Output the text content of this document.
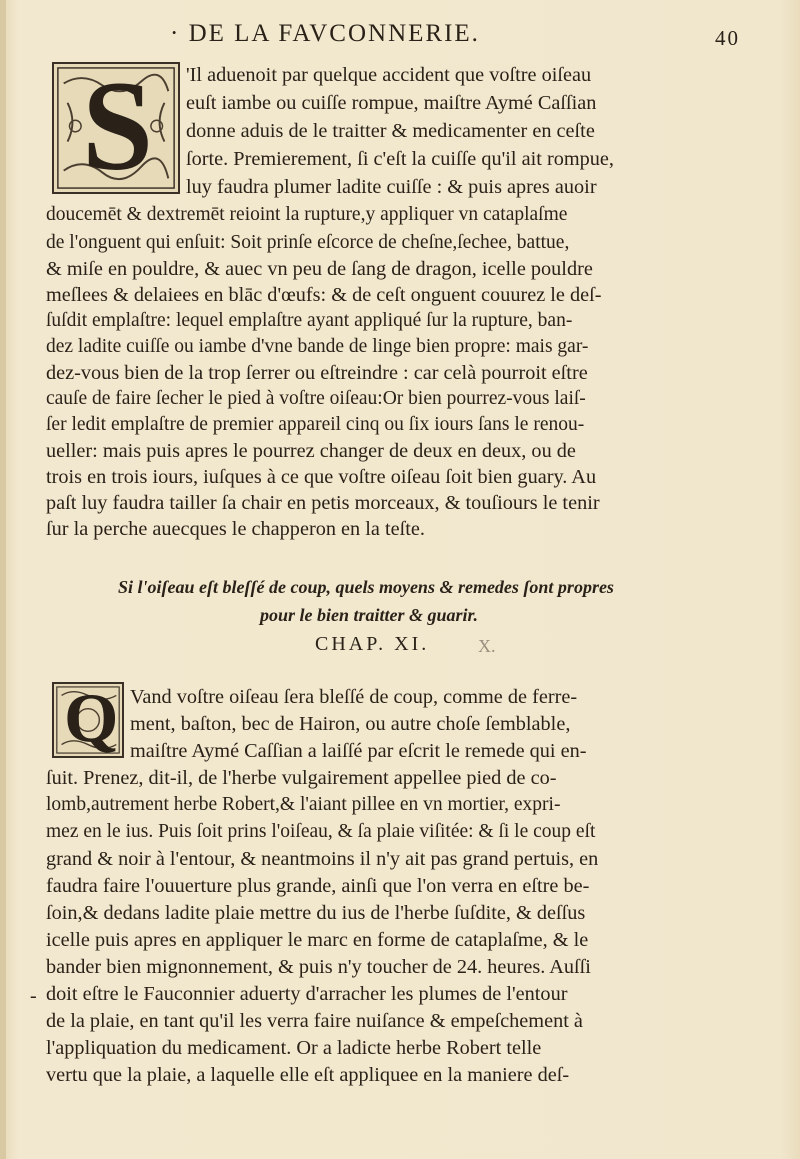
· DE LA FAVCONNERIE.	40
S 'Il aduenoit par quelque accident que voſtre oiſeau
euſt iambe ou cuiſſe rompue, maiſtre Aymé Caſſian
donne aduis de le traitter & medicamenter en ceſte
ſorte. Premierement, ſi c'eſt la cuiſſe qu'il ait rompue,
luy faudra plumer ladite cuiſſe : & puis apres auoir
doucemēt & dextremēt reioint la rupture,y appliquer vn cataplaſme
de l'onguent qui enſuit: Soit prinſe eſcorce de cheſne,ſechee, battue,
& miſe en pouldre, & auec vn peu de ſang de dragon, icelle pouldre
meſlees & delaiees en blāc d'œufs: & de ceſt onguent couurez le deſ-
ſuſdit emplaſtre: lequel emplaſtre ayant appliqué ſur la rupture, ban-
dez ladite cuiſſe ou iambe d'vne bande de linge bien propre: mais gar-
dez-vous bien de la trop ſerrer ou eſtreindre : car celà pourroit eſtre
cauſe de faire ſecher le pied à voſtre oiſeau:Or bien pourrez-vous laiſ-
ſer ledit emplaſtre de premier appareil cinq ou ſix iours ſans le renou-
ueller: mais puis apres le pourrez changer de deux en deux, ou de
trois en trois iours, iuſques à ce que voſtre oiſeau ſoit bien guary. Au
paſt luy faudra tailler ſa chair en petis morceaux, & touſiours le tenir
ſur la perche auecques le chapperon en la teſte.
Si l'oiſeau eſt bleſſé de coup, quels moyens & remedes ſont propres
pour le bien traitter & guarir.
CHAP. XI.	X.
Q Vand voſtre oiſeau ſera bleſſé de coup, comme de ferre-
ment, baſton, bec de Hairon, ou autre choſe ſemblable,
maiſtre Aymé Caſſian a laiſſé par eſcrit le remede qui en-
ſuit. Prenez, dit-il, de l'herbe vulgairement appellee pied de co-
lomb,autrement herbe Robert,& l'aiant pillee en vn mortier, expri-
mez en le ius. Puis ſoit prins l'oiſeau, & ſa plaie viſitée: & ſi le coup eſt
grand & noir à l'entour, & neantmoins il n'y ait pas grand pertuis, en
faudra faire l'ouuerture plus grande, ainſi que l'on verra en eſtre be-
ſoin,& dedans ladite plaie mettre du ius de l'herbe ſuſdite, & deſſus
icelle puis apres en appliquer le marc en forme de cataplaſme, & le
bander bien mignonnement, & puis n'y toucher de 24. heures. Auſſi
doit eſtre le Fauconnier aduerty d'arracher les plumes de l'entour
de la plaie, en tant qu'il les verra faire nuiſance & empeſchement à
l'appliquation du medicament. Or a ladicte herbe Robert telle
vertu que la plaie, a laquelle elle eſt appliquee en la maniere deſ-
-
